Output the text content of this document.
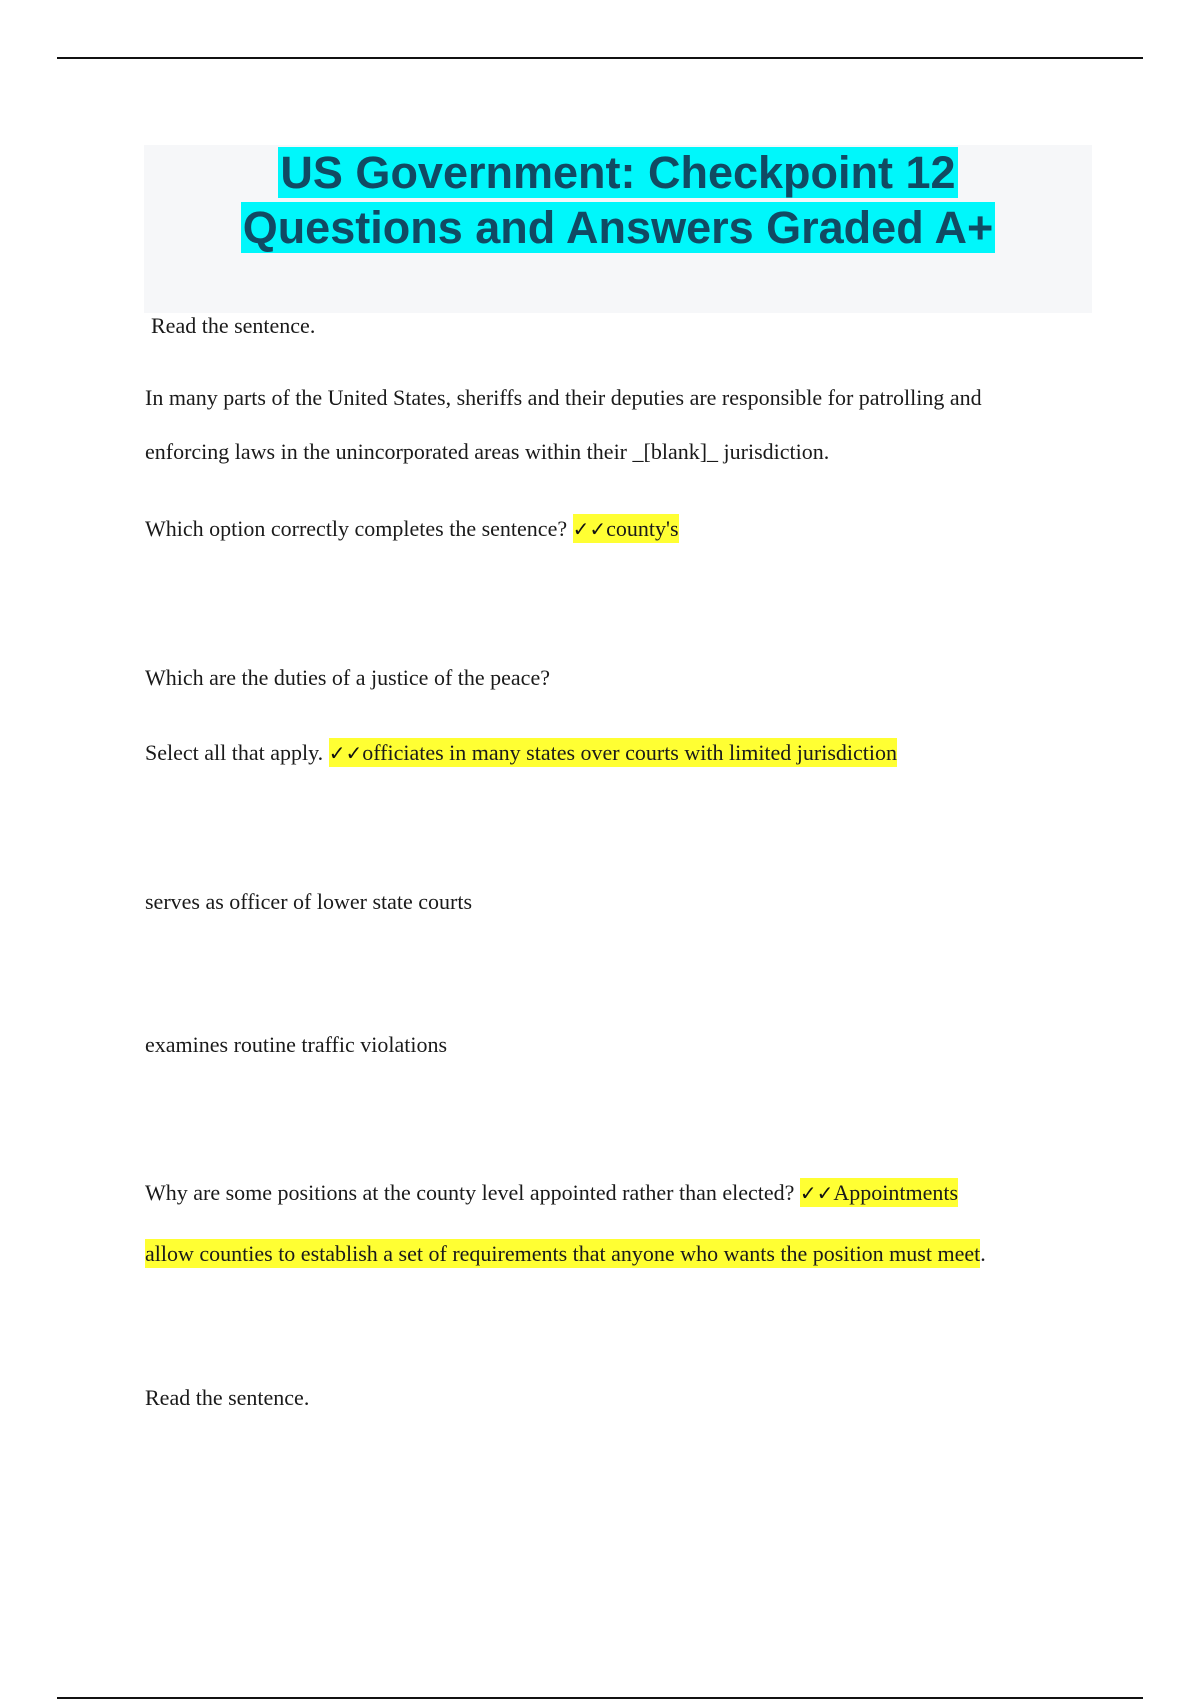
US Government: Checkpoint 12
Questions and Answers Graded A+
Read the sentence.
In many parts of the United States, sheriffs and their deputies are responsible for patrolling and
enforcing laws in the unincorporated areas within their _[blank]_ jurisdiction.
Which option correctly completes the sentence? ✓✓county's
Which are the duties of a justice of the peace?
Select all that apply. ✓✓officiates in many states over courts with limited jurisdiction
serves as officer of lower state courts
examines routine traffic violations
Why are some positions at the county level appointed rather than elected? ✓✓Appointments
allow counties to establish a set of requirements that anyone who wants the position must meet.
Read the sentence.
